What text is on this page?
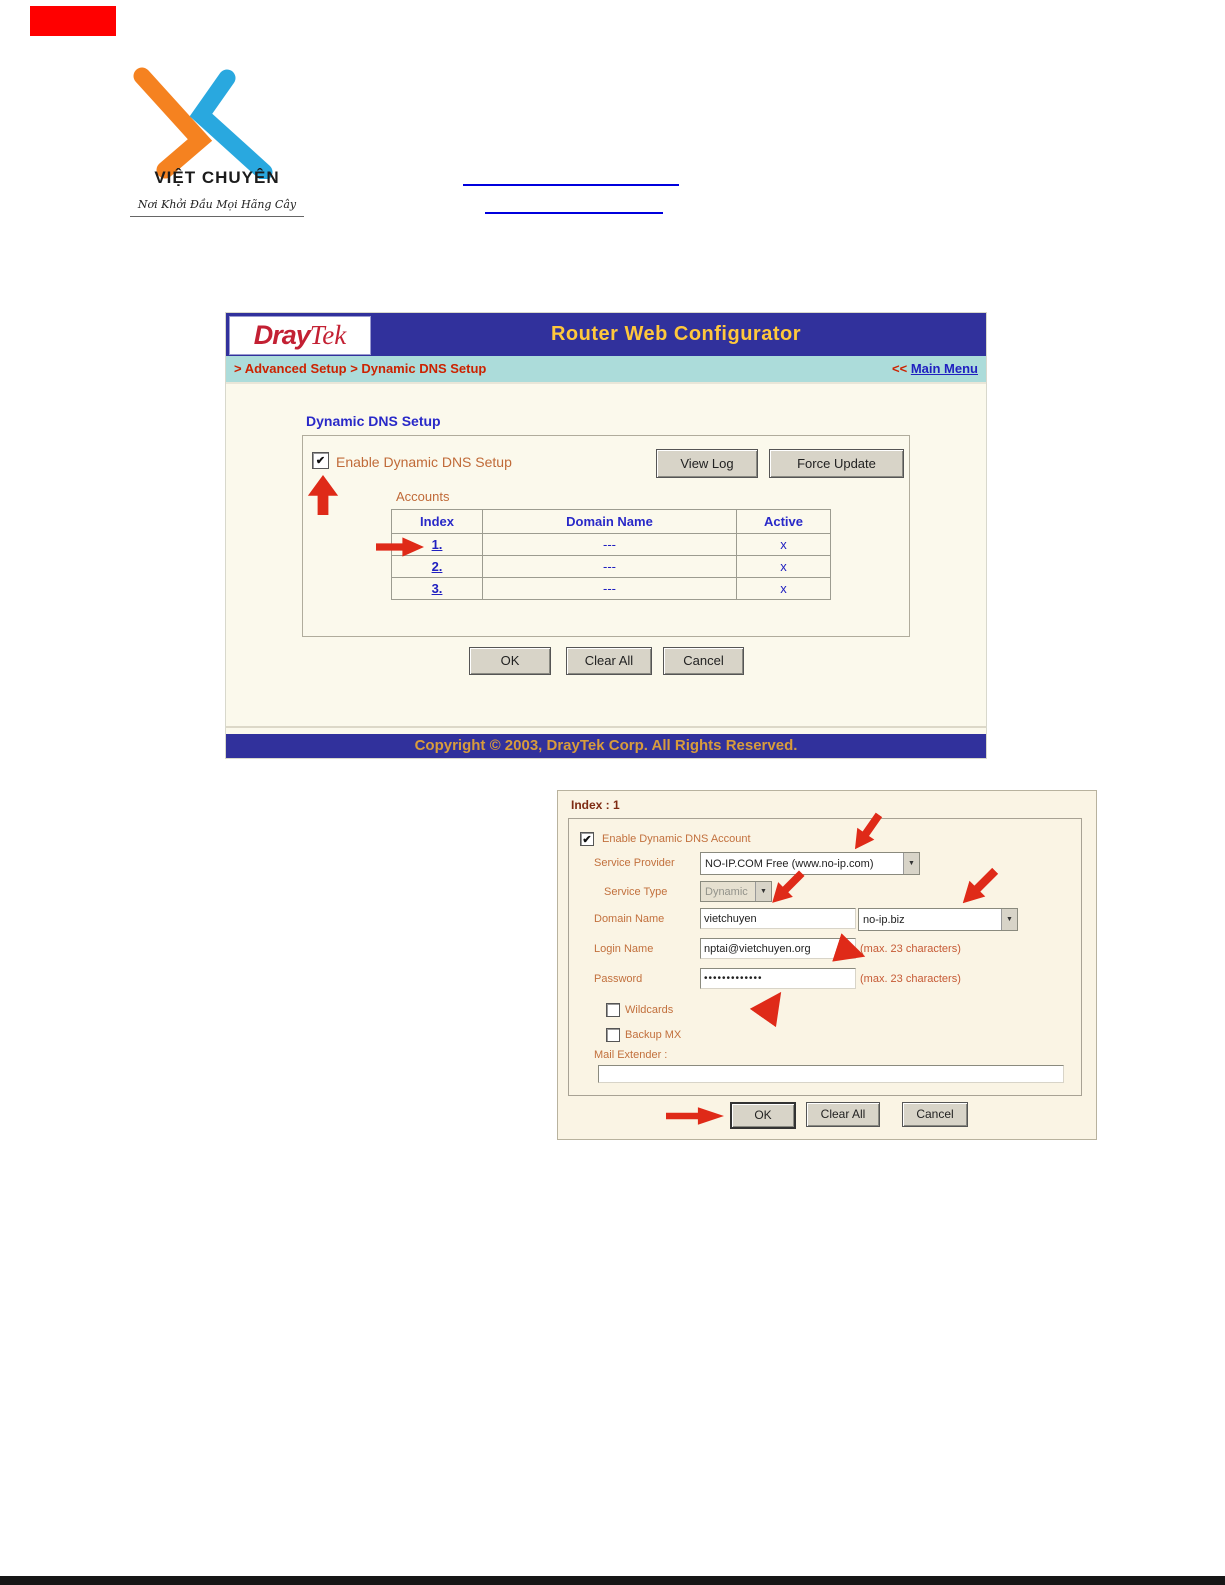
VIỆT CHUYÊN
Nơi Khởi Đầu Mọi Hãng Cây
Dray Tek	Router Web Configurator
> Advanced Setup > Dynamic DNS Setup	<< Main Menu
Dynamic DNS Setup
✔
Enable Dynamic DNS Setup	View Log	Force Update
Accounts
Index	Domain Name	Active
1.	---	x
2.	---	x
3.	---	x
OK	Clear All	Cancel
Copyright © 2003, DrayTek Corp. All Rights Reserved.
Index : 1
✔
Enable Dynamic DNS Account
Service Provider	NO-IP.COM Free (www.no-ip.com)	▼
Service Type	Dynamic	▼
Domain Name
vietchuyen	no-ip.biz	▼
Login Name
nptai@vietchuyen.org	(max. 23 characters)
Password
•••••••••••••	(max. 23 characters)
Wildcards
Backup MX
Mail Extender :
OK	Clear All	Cancel
